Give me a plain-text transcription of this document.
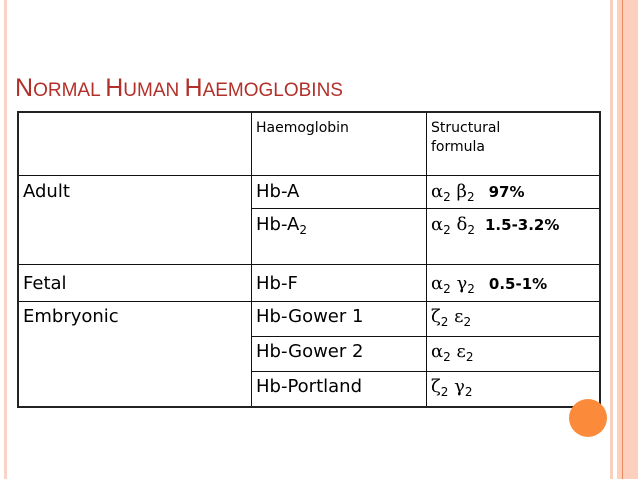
NORMAL HUMAN HAEMOGLOBINS
	Haemoglobin	Structural
formula
Adult	Hb-A	$\alpha_2$ $\beta_2$ 97%
	$Hb-A_2$	$\alpha_2$ $\delta_2$ 1.5-3.2%
Fetal	Hb-F	$\alpha_2$ $\gamma_2$ 0.5-1%
Embryonic	Hb-Gower 1	$\zeta_2$ $\varepsilon_2$
	Hb-Gower 2	$\alpha_2$ $\varepsilon_2$
	Hb-Portland	$\zeta_2$ $\gamma_2$
